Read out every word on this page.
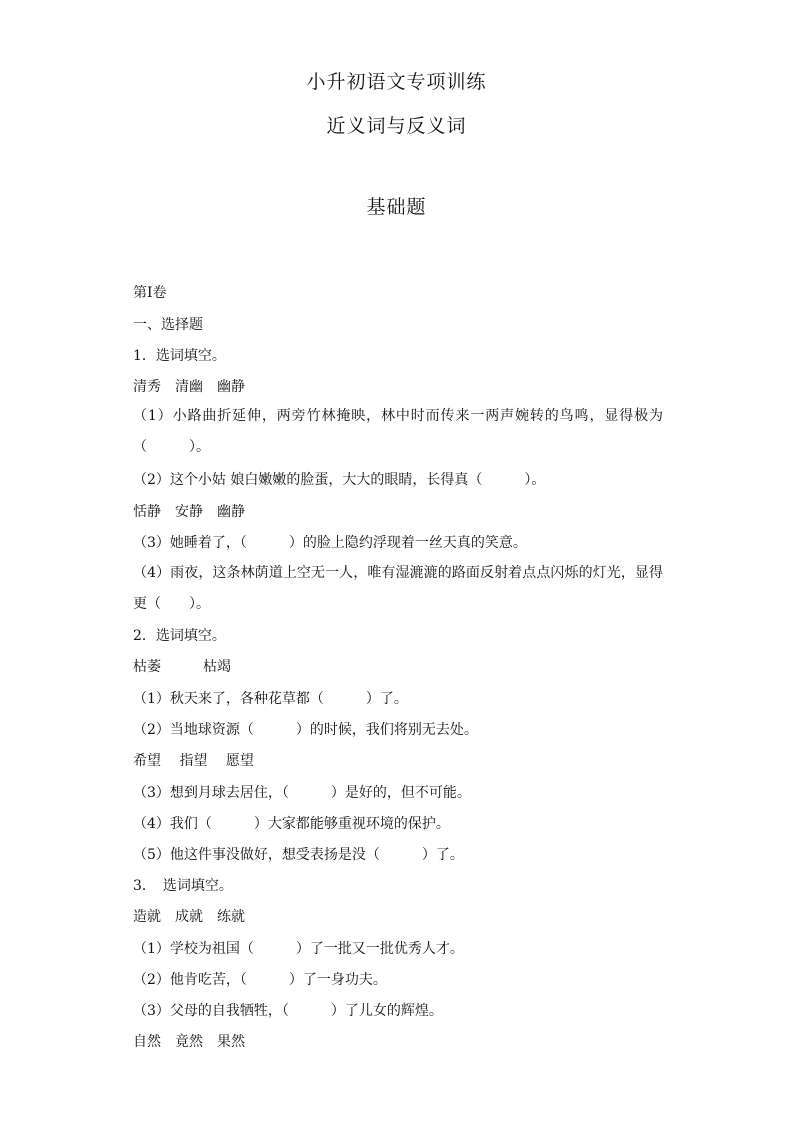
小升初语文专项训练
近义词与反义词
基础题
第I卷
一、选择题
1．选词填空。
清秀　清幽　幽静
（1）小路曲折延伸，两旁竹林掩映，林中时而传来一两声婉转的鸟鸣，显得极为（　　　）。
（2）这个小姑 娘白嫩嫩的脸蛋，大大的眼睛，长得真（　　　）。
恬静　安静　幽静
（3）她睡着了，（　　　）的脸上隐约浮现着一丝天真的笑意。
（4）雨夜，这条林荫道上空无一人，唯有湿漉漉的路面反射着点点闪烁的灯光，显得更（　　）。
2．选词填空。
枯萎　　　枯竭
（1）秋天来了，各种花草都（　　　）了。
（2）当地球资源（　　　）的时候，我们将别无去处。
希望　 指望　 愿望
（3）想到月球去居住，（　　　）是好的，但不可能。
（4）我们（　　　）大家都能够重视环境的保护。
（5）他这件事没做好，想受表扬是没（　　　）了。
3．　选词填空。
造就　成就　练就
（1）学校为祖国（　　　）了一批又一批优秀人才。
（2）他肯吃苦，（　　　）了一身功夫。
（3）父母的自我牺牲，（　　　）了儿女的辉煌。
自然　竟然　果然
